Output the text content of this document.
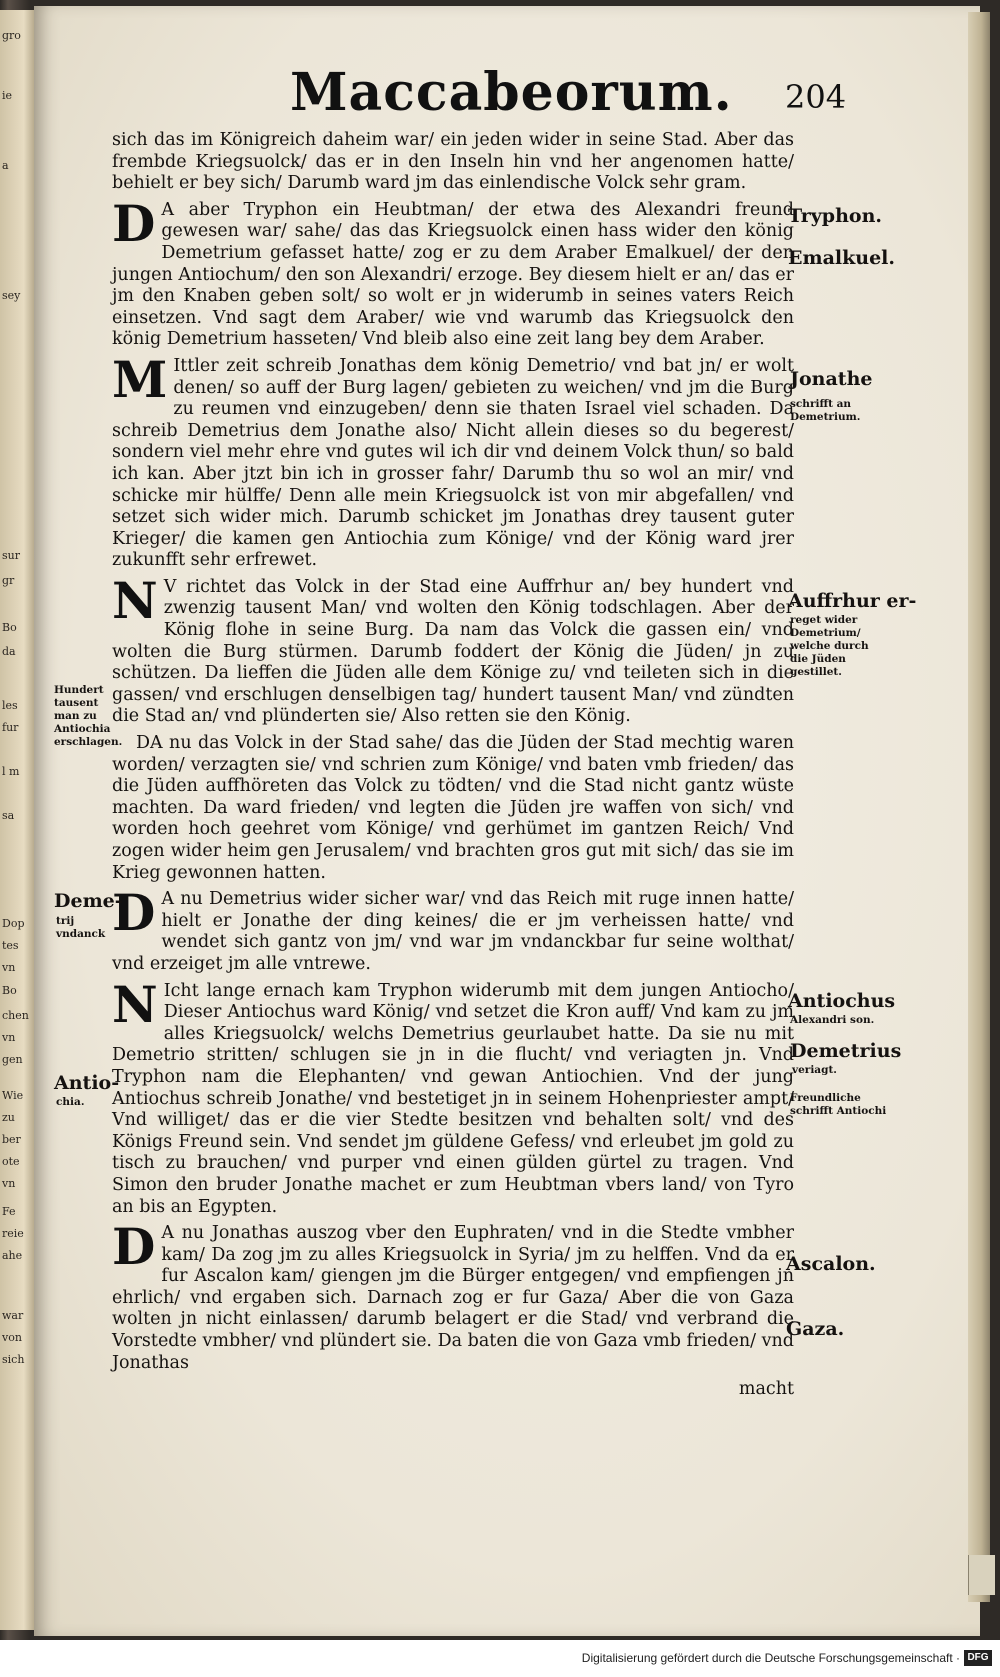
gro
ie
a
sey
sur
gr
Bo
da
les
fur
l m
sa
Dop
tes
vn
Bo
chen
vn
gen
Wie
zu
ber
ote
vn
Fe
reie
ahe
war
von
sich
Maccabeorum. 204

sich das im Königreich daheim war/ ein jeden wider in seine Stad. Aber das frembde Kriegsuolck/ das er in den Inseln hin vnd her angenomen hatte/ behielt er bey sich/ Darumb ward jm das einlendische Volck sehr gram.

D A aber Tryphon ein Heubtman/ der etwa des Alexandri freund gewesen war/ sahe/ das das Kriegsuolck einen hass wider den könig Demetrium gefasset hatte/ zog er zu dem Araber Emalkuel/ der den jungen Antiochum/ den son Alexandri/ erzoge. Bey diesem hielt er an/ das er jm den Knaben geben solt/ so wolt er jn widerumb in seines vaters Reich einsetzen. Vnd sagt dem Araber/ wie vnd warumb das Kriegsuolck den könig Demetrium hasseten/ Vnd bleib also eine zeit lang bey dem Araber.

M Ittler zeit schreib Jonathas dem könig Demetrio/ vnd bat jn/ er wolt denen/ so auff der Burg lagen/ gebieten zu weichen/ vnd jm die Burg zu reumen vnd einzugeben/ denn sie thaten Israel viel schaden. Da schreib Demetrius dem Jonathe also/ Nicht allein dieses so du begerest/ sondern viel mehr ehre vnd gutes wil ich dir vnd deinem Volck thun/ so bald ich kan. Aber jtzt bin ich in grosser fahr/ Darumb thu so wol an mir/ vnd schicke mir hülffe/ Denn alle mein Kriegsuolck ist von mir abgefallen/ vnd setzet sich wider mich. Darumb schicket jm Jonathas drey tausent guter Krieger/ die kamen gen Antiochia zum Könige/ vnd der König ward jrer zukunfft sehr erfrewet.

N V richtet das Volck in der Stad eine Auffrhur an/ bey hundert vnd zwenzig tausent Man/ vnd wolten den König todschlagen. Aber der König flohe in seine Burg. Da nam das Volck die gassen ein/ vnd wolten die Burg stürmen. Darumb foddert der König die Jüden/ jn zu schützen. Da lieffen die Jüden alle dem Könige zu/ vnd teileten sich in die gassen/ vnd erschlugen denselbigen tag/ hundert tausent Man/ vnd zündten die Stad an/ vnd plünderten sie/ Also retten sie den König.

DA nu das Volck in der Stad sahe/ das die Jüden der Stad mechtig waren worden/ verzagten sie/ vnd schrien zum Könige/ vnd baten vmb frieden/ das die Jüden auffhöreten das Volck zu tödten/ vnd die Stad nicht gantz wüste machten. Da ward frieden/ vnd legten die Jüden jre waffen von sich/ vnd worden hoch geehret vom Könige/ vnd gerhümet im gantzen Reich/ Vnd zogen wider heim gen Jerusalem/ vnd brachten gros gut mit sich/ das sie im Krieg gewonnen hatten.

D A nu Demetrius wider sicher war/ vnd das Reich mit ruge innen hatte/ hielt er Jonathe der ding keines/ die er jm verheissen hatte/ vnd wendet sich gantz von jm/ vnd war jm vndanckbar fur seine wolthat/ vnd erzeiget jm alle vntrewe.

N Icht lange ernach kam Tryphon widerumb mit dem jungen Antiocho/ Dieser Antiochus ward König/ vnd setzet die Kron auff/ Vnd kam zu jm alles Kriegsuolck/ welchs Demetrius geurlaubet hatte. Da sie nu mit Demetrio stritten/ schlugen sie jn in die flucht/ vnd veriagten jn. Vnd Tryphon nam die Elephanten/ vnd gewan Antiochien. Vnd der jung Antiochus schreib Jonathe/ vnd bestetiget jn in seinem Hohenpriester ampt/ Vnd williget/ das er die vier Stedte besitzen vnd behalten solt/ vnd des Königs Freund sein. Vnd sendet jm güldene Gefess/ vnd erleubet jm gold zu tisch zu brauchen/ vnd purper vnd einen gülden gürtel zu tragen. Vnd Simon den bruder Jonathe machet er zum Heubtman vbers land/ von Tyro an bis an Egypten.

D A nu Jonathas auszog vber den Euphraten/ vnd in die Stedte vmbher kam/ Da zog jm zu alles Kriegsuolck in Syria/ jm zu helffen. Vnd da er fur Ascalon kam/ giengen jm die Bürger entgegen/ vnd empfiengen jn ehrlich/ vnd ergaben sich. Darnach zog er fur Gaza/ Aber die von Gaza wolten jn nicht einlassen/ darumb belagert er die Stad/ vnd verbrand die Vorstedte vmbher/ vnd plündert sie. Da baten die von Gaza vmb frieden/ vnd Jonathas

macht

Tryphon.
Emalkuel.
Jonathe
schrifft an Demetrium.
Auffrhur er-
reget wider Demetrium/ welche durch die Jüden gestillet.
Antiochus
Alexandri son.
Demetrius
veriagt.
Freundliche schrifft Antiochi
Ascalon.
Gaza.
Hundert tausent man zu Antiochia erschlagen.
Deme-
trij vndanck
Antio-
chia.
Digitalisierung gefördert durch die Deutsche Forschungsgemeinschaft · DFG
